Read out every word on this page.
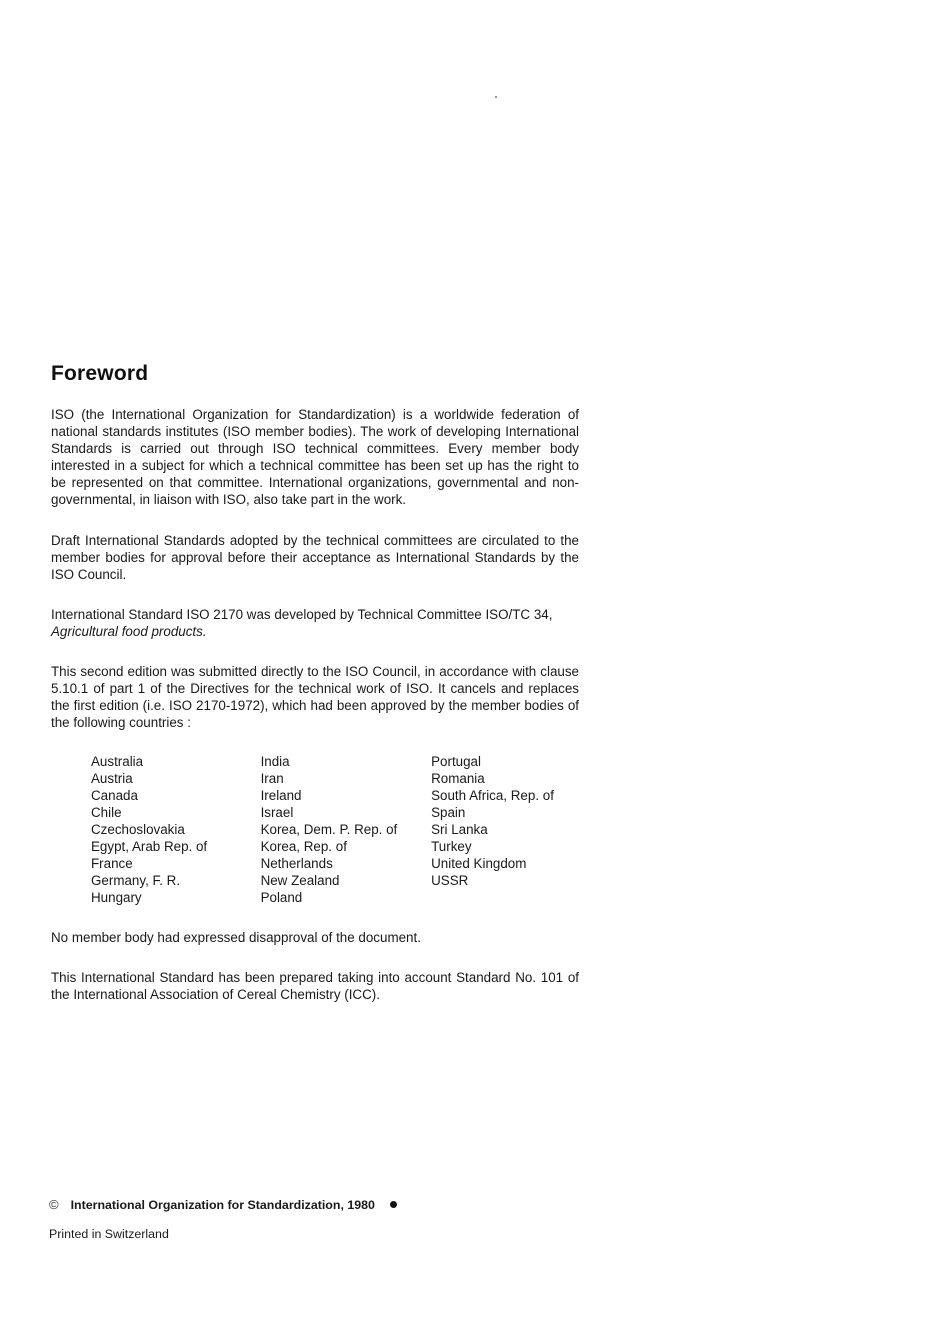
Foreword

ISO (the International Organization for Standardization) is a worldwide federation of national standards institutes (ISO member bodies). The work of developing International Standards is carried out through ISO technical committees. Every member body interested in a subject for which a technical committee has been set up has the right to be represented on that committee. International organizations, governmental and non-governmental, in liaison with ISO, also take part in the work.

Draft International Standards adopted by the technical committees are circulated to the member bodies for approval before their acceptance as International Standards by the ISO Council.

International Standard ISO 2170 was developed by Technical Committee ISO/TC 34,
Agricultural food products.

This second edition was submitted directly to the ISO Council, in accordance with clause 5.10.1 of part 1 of the Directives for the technical work of ISO. It cancels and replaces the first edition (i.e. ISO 2170-1972), which had been approved by the member bodies of the following countries :

Australia
Austria
Canada
Chile
Czechoslovakia
Egypt, Arab Rep. of
France
Germany, F. R.
Hungary
India
Iran
Ireland
Israel
Korea, Dem. P. Rep. of
Korea, Rep. of
Netherlands
New Zealand
Poland
Portugal
Romania
South Africa, Rep. of
Spain
Sri Lanka
Turkey
United Kingdom
USSR

No member body had expressed disapproval of the document.

This International Standard has been prepared taking into account Standard No. 101 of the International Association of Cereal Chemistry (ICC).

© International Organization for Standardization, 1980
Printed in Switzerland
